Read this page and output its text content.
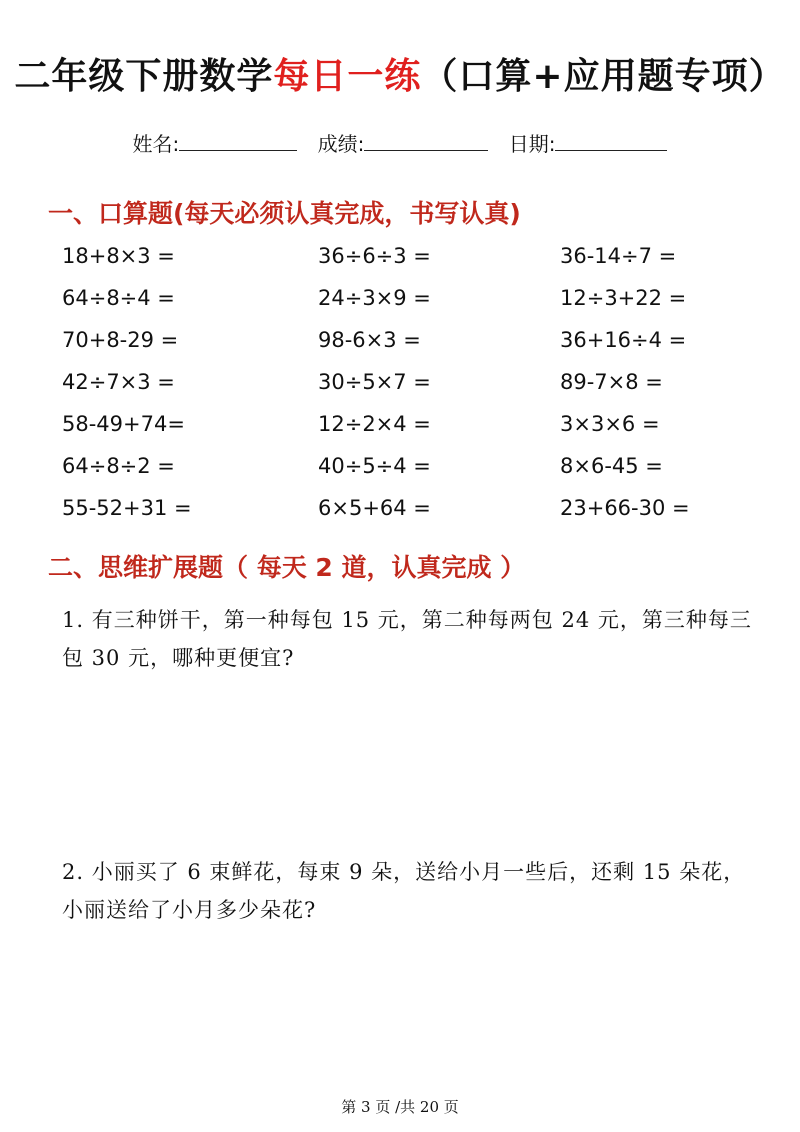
二年级下册数学每日一练（口算+应用题专项）
姓名:	成绩:	日期:
一、口算题(每天必须认真完成，书写认真)
18+8×3 =	36÷6÷3 =	36-14÷7 =
64÷8÷4 =	24÷3×9 =	12÷3+22 =
70+8-29 =	98-6×3 =	36+16÷4 =
42÷7×3 =	30÷5×7 =	89-7×8 =
58-49+74=	12÷2×4 =	3×3×6 =
64÷8÷2 =	40÷5÷4 =	8×6-45 =
55-52+31 =	6×5+64 =	23+66-30 =
二、思维扩展题（ 每天 2 道，认真完成 ）
1. 有三种饼干，第一种每包 15 元，第二种每两包 24 元，第三种每三包 30 元，哪种更便宜?
2. 小丽买了 6 束鲜花，每束 9 朵，送给小月一些后，还剩 15 朵花，小丽送给了小月多少朵花?
第 3 页 /共 20 页
